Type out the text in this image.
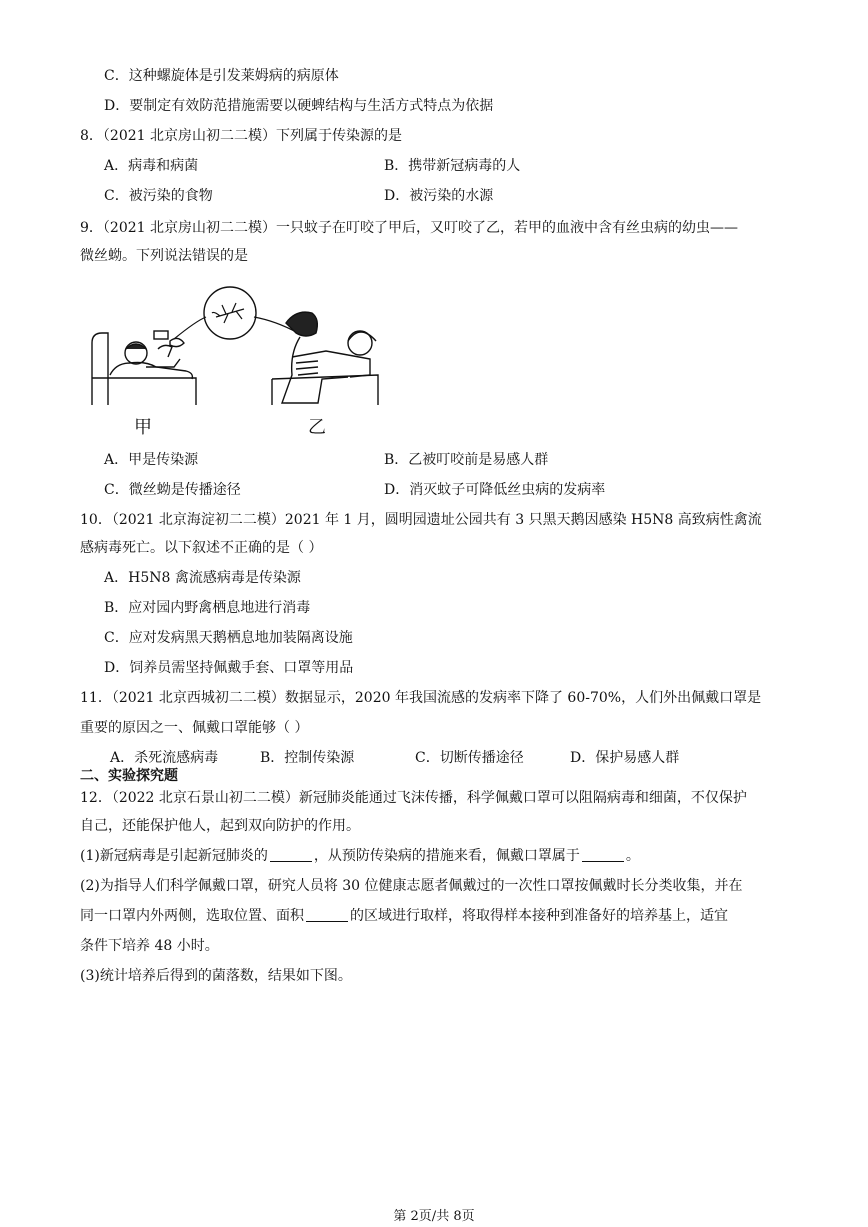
C．这种螺旋体是引发莱姆病的病原体
D．要制定有效防范措施需要以硬蜱结构与生活方式特点为依据
8．（2021 北京房山初二二模）下列属于传染源的是
A．病毒和病菌	B．携带新冠病毒的人
C．被污染的食物	D．被污染的水源
9．（2021 北京房山初二二模）一只蚊子在叮咬了甲后，又叮咬了乙，若甲的血液中含有丝虫病的幼虫——
微丝蚴。下列说法错误的是
甲	乙
A．甲是传染源	B．乙被叮咬前是易感人群
C．微丝蚴是传播途径	D．消灭蚊子可降低丝虫病的发病率
10．（2021 北京海淀初二二模）2021 年 1 月，圆明园遗址公园共有 3 只黑天鹅因感染 H5N8 高致病性禽流
感病毒死亡。以下叙述不正确的是（ ）
A．H5N8 禽流感病毒是传染源
B．应对园内野禽栖息地进行消毒
C．应对发病黑天鹅栖息地加装隔离设施
D．饲养员需坚持佩戴手套、口罩等用品
11．（2021 北京西城初二二模）数据显示，2020 年我国流感的发病率下降了 60-70%，人们外出佩戴口罩是
重要的原因之一、佩戴口罩能够（ ）
A．杀死流感病毒	B．控制传染源	C．切断传播途径	D．保护易感人群
二、实验探究题
12．（2022 北京石景山初二二模）新冠肺炎能通过飞沫传播，科学佩戴口罩可以阻隔病毒和细菌，不仅保护
自己，还能保护他人，起到双向防护的作用。
(1)新冠病毒是引起新冠肺炎的	，从预防传染病的措施来看，佩戴口罩属于	。
(2)为指导人们科学佩戴口罩，研究人员将 30 位健康志愿者佩戴过的一次性口罩按佩戴时长分类收集，并在
同一口罩内外两侧，选取位置、面积	的区域进行取样，将取得样本接种到准备好的培养基上，适宜
条件下培养 48 小时。
(3)统计培养后得到的菌落数，结果如下图。
第 2页/共 8页
